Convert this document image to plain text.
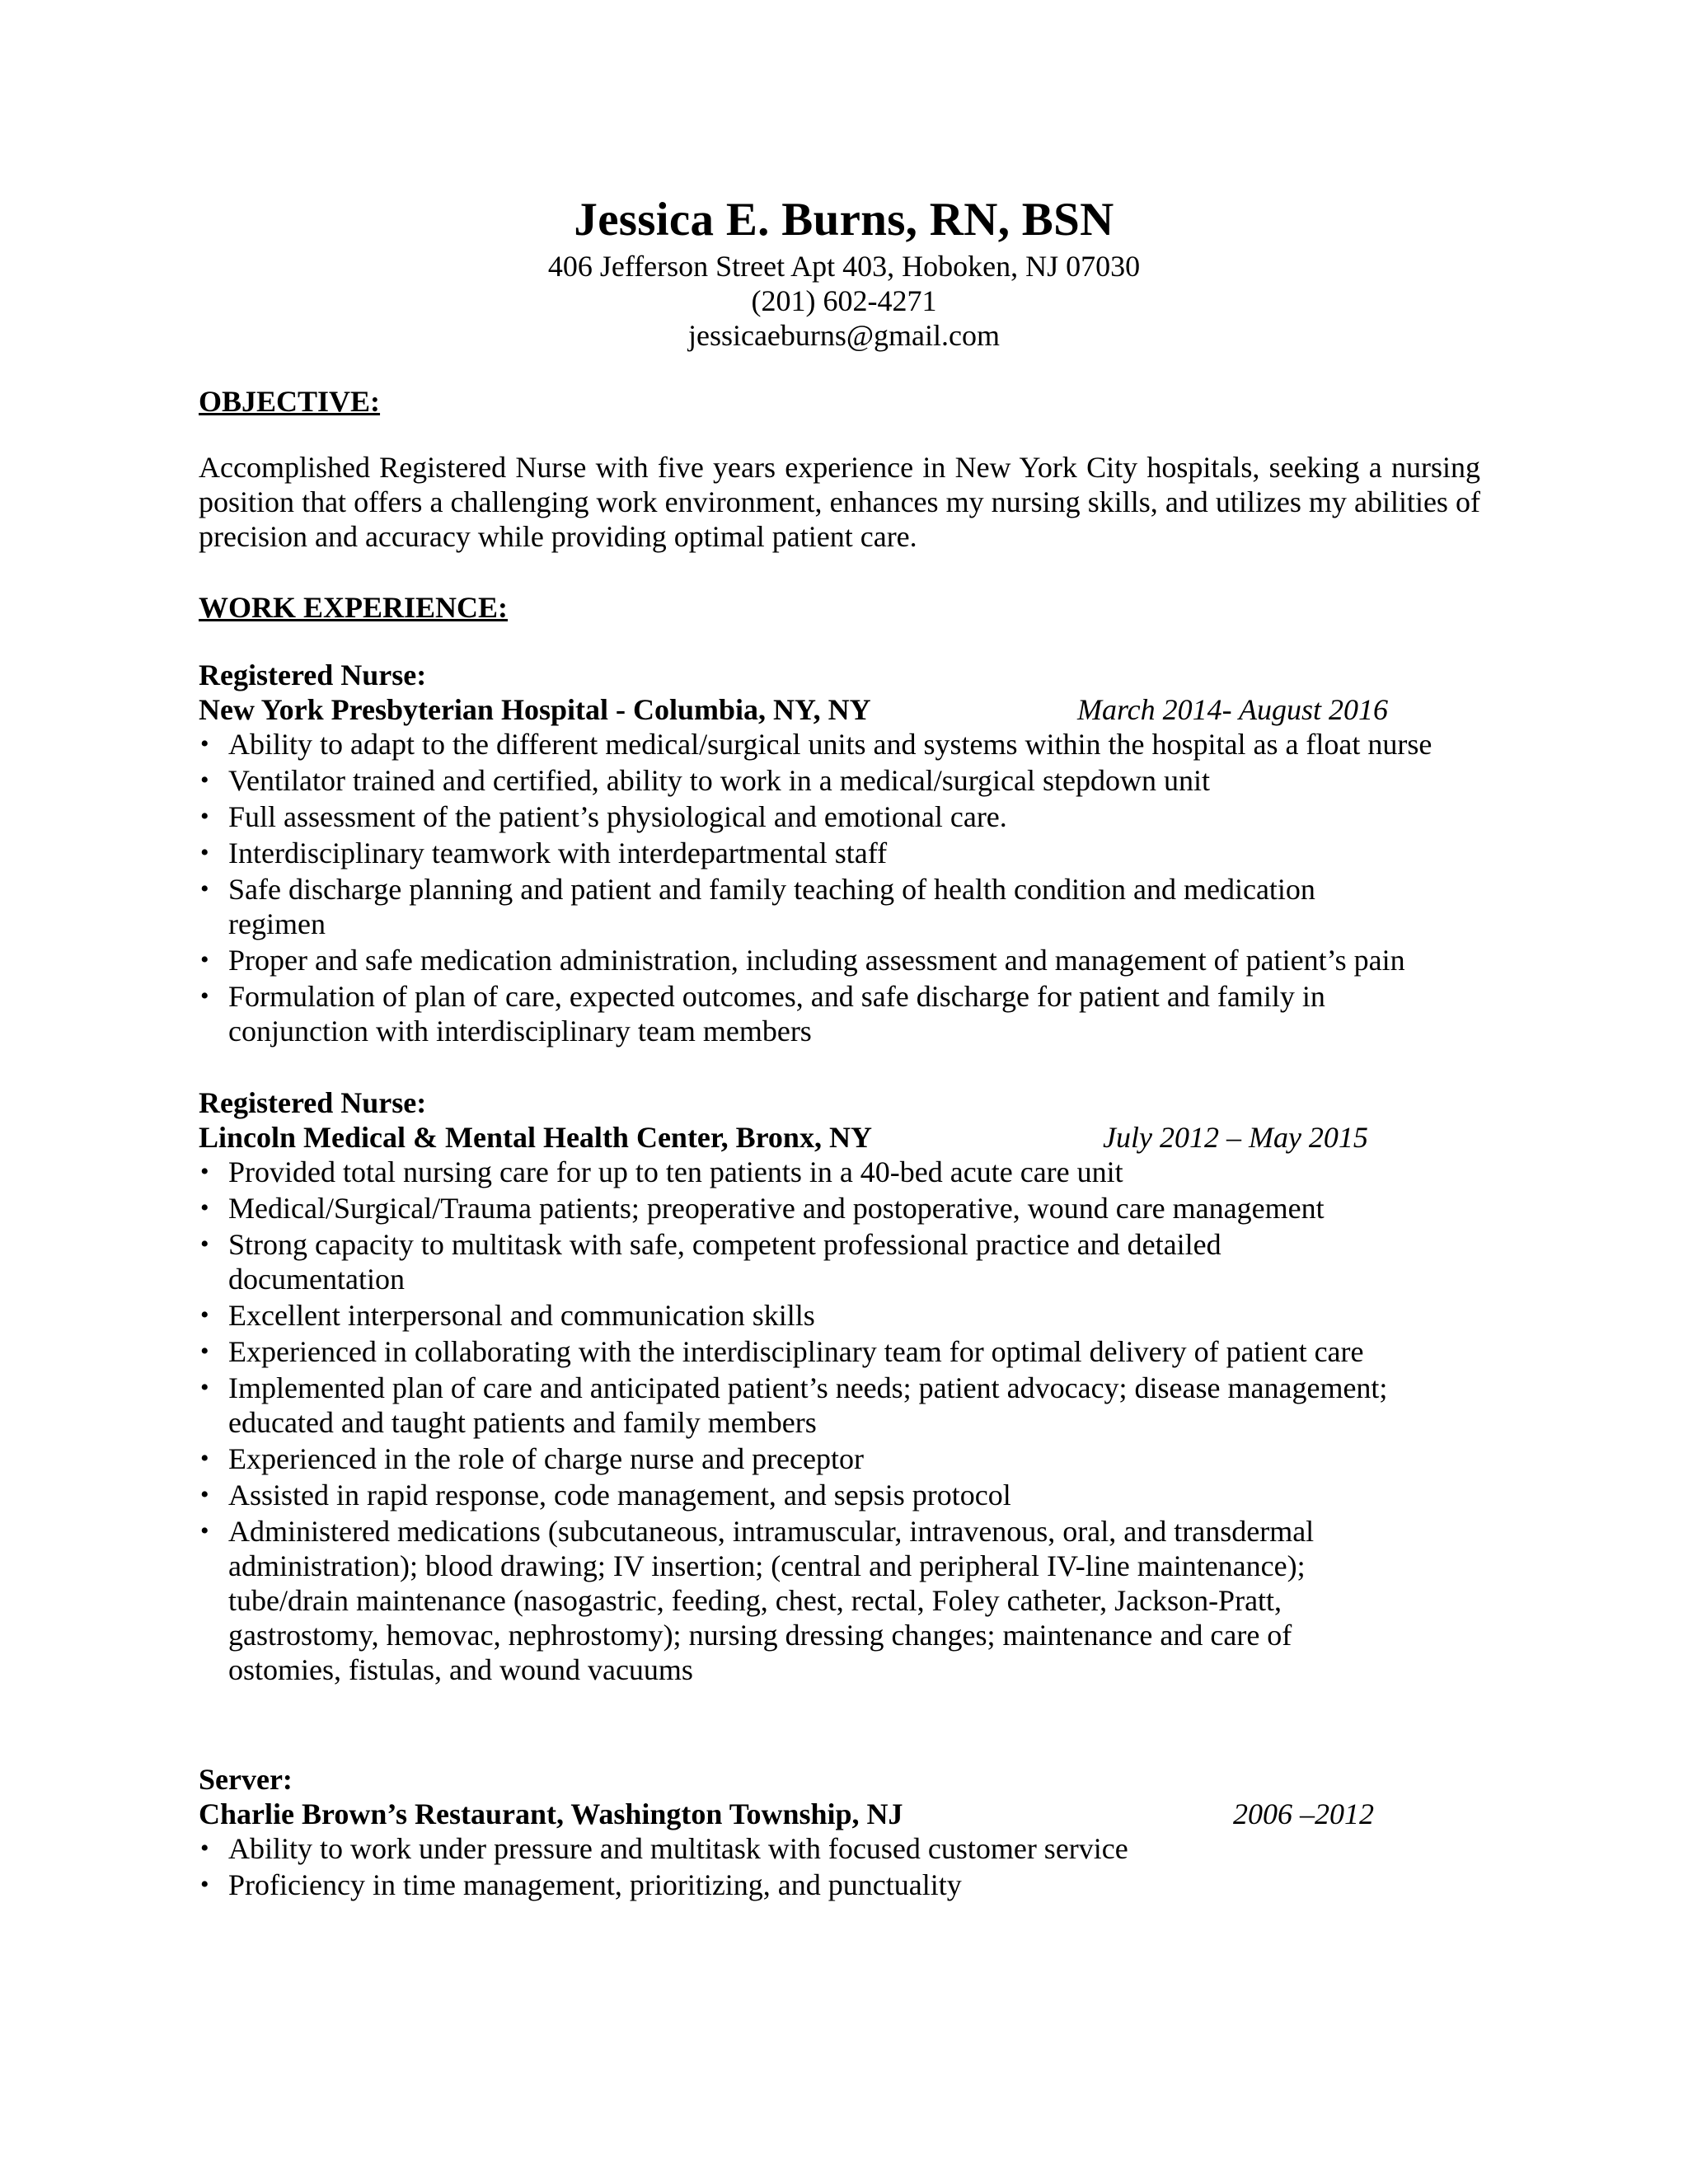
Jessica E. Burns, RN, BSN
406 Jefferson Street Apt 403, Hoboken, NJ 07030
(201) 602-4271
jessicaeburns@gmail.com

OBJECTIVE:

Accomplished Registered Nurse with five years experience in New York City hospitals, seeking a nursing position that offers a challenging work environment, enhances my nursing skills, and utilizes my abilities of precision and accuracy while providing optimal patient care.

WORK EXPERIENCE:

Registered Nurse:

New York Presbyterian Hospital - Columbia, NY, NY	March 2014- August 2016
• Ability to adapt to the different medical/surgical units and systems within the hospital as a float nurse
• Ventilator trained and certified, ability to work in a medical/surgical stepdown unit
• Full assessment of the patient’s physiological and emotional care.
• Interdisciplinary teamwork with interdepartmental staff
• Safe discharge planning and patient and family teaching of health condition and medication regimen
• Proper and safe medication administration, including assessment and management of patient’s pain
• Formulation of plan of care, expected outcomes, and safe discharge for patient and family in conjunction with interdisciplinary team members

Registered Nurse:

Lincoln Medical & Mental Health Center, Bronx, NY	July 2012 – May 2015
• Provided total nursing care for up to ten patients in a 40-bed acute care unit
• Medical/Surgical/Trauma patients; preoperative and postoperative, wound care management
• Strong capacity to multitask with safe, competent professional practice and detailed documentation
• Excellent interpersonal and communication skills
• Experienced in collaborating with the interdisciplinary team for optimal delivery of patient care
• Implemented plan of care and anticipated patient’s needs; patient advocacy; disease management; educated and taught patients and family members
• Experienced in the role of charge nurse and preceptor
• Assisted in rapid response, code management, and sepsis protocol
• Administered medications (subcutaneous, intramuscular, intravenous, oral, and transdermal administration); blood drawing; IV insertion; (central and peripheral IV-line maintenance); tube/drain maintenance (nasogastric, feeding, chest, rectal, Foley catheter, Jackson-Pratt, gastrostomy, hemovac, nephrostomy); nursing dressing changes; maintenance and care of ostomies, fistulas, and wound vacuums

Server:

Charlie Brown’s Restaurant, Washington Township, NJ	2006 –2012
• Ability to work under pressure and multitask with focused customer service
• Proficiency in time management, prioritizing, and punctuality
